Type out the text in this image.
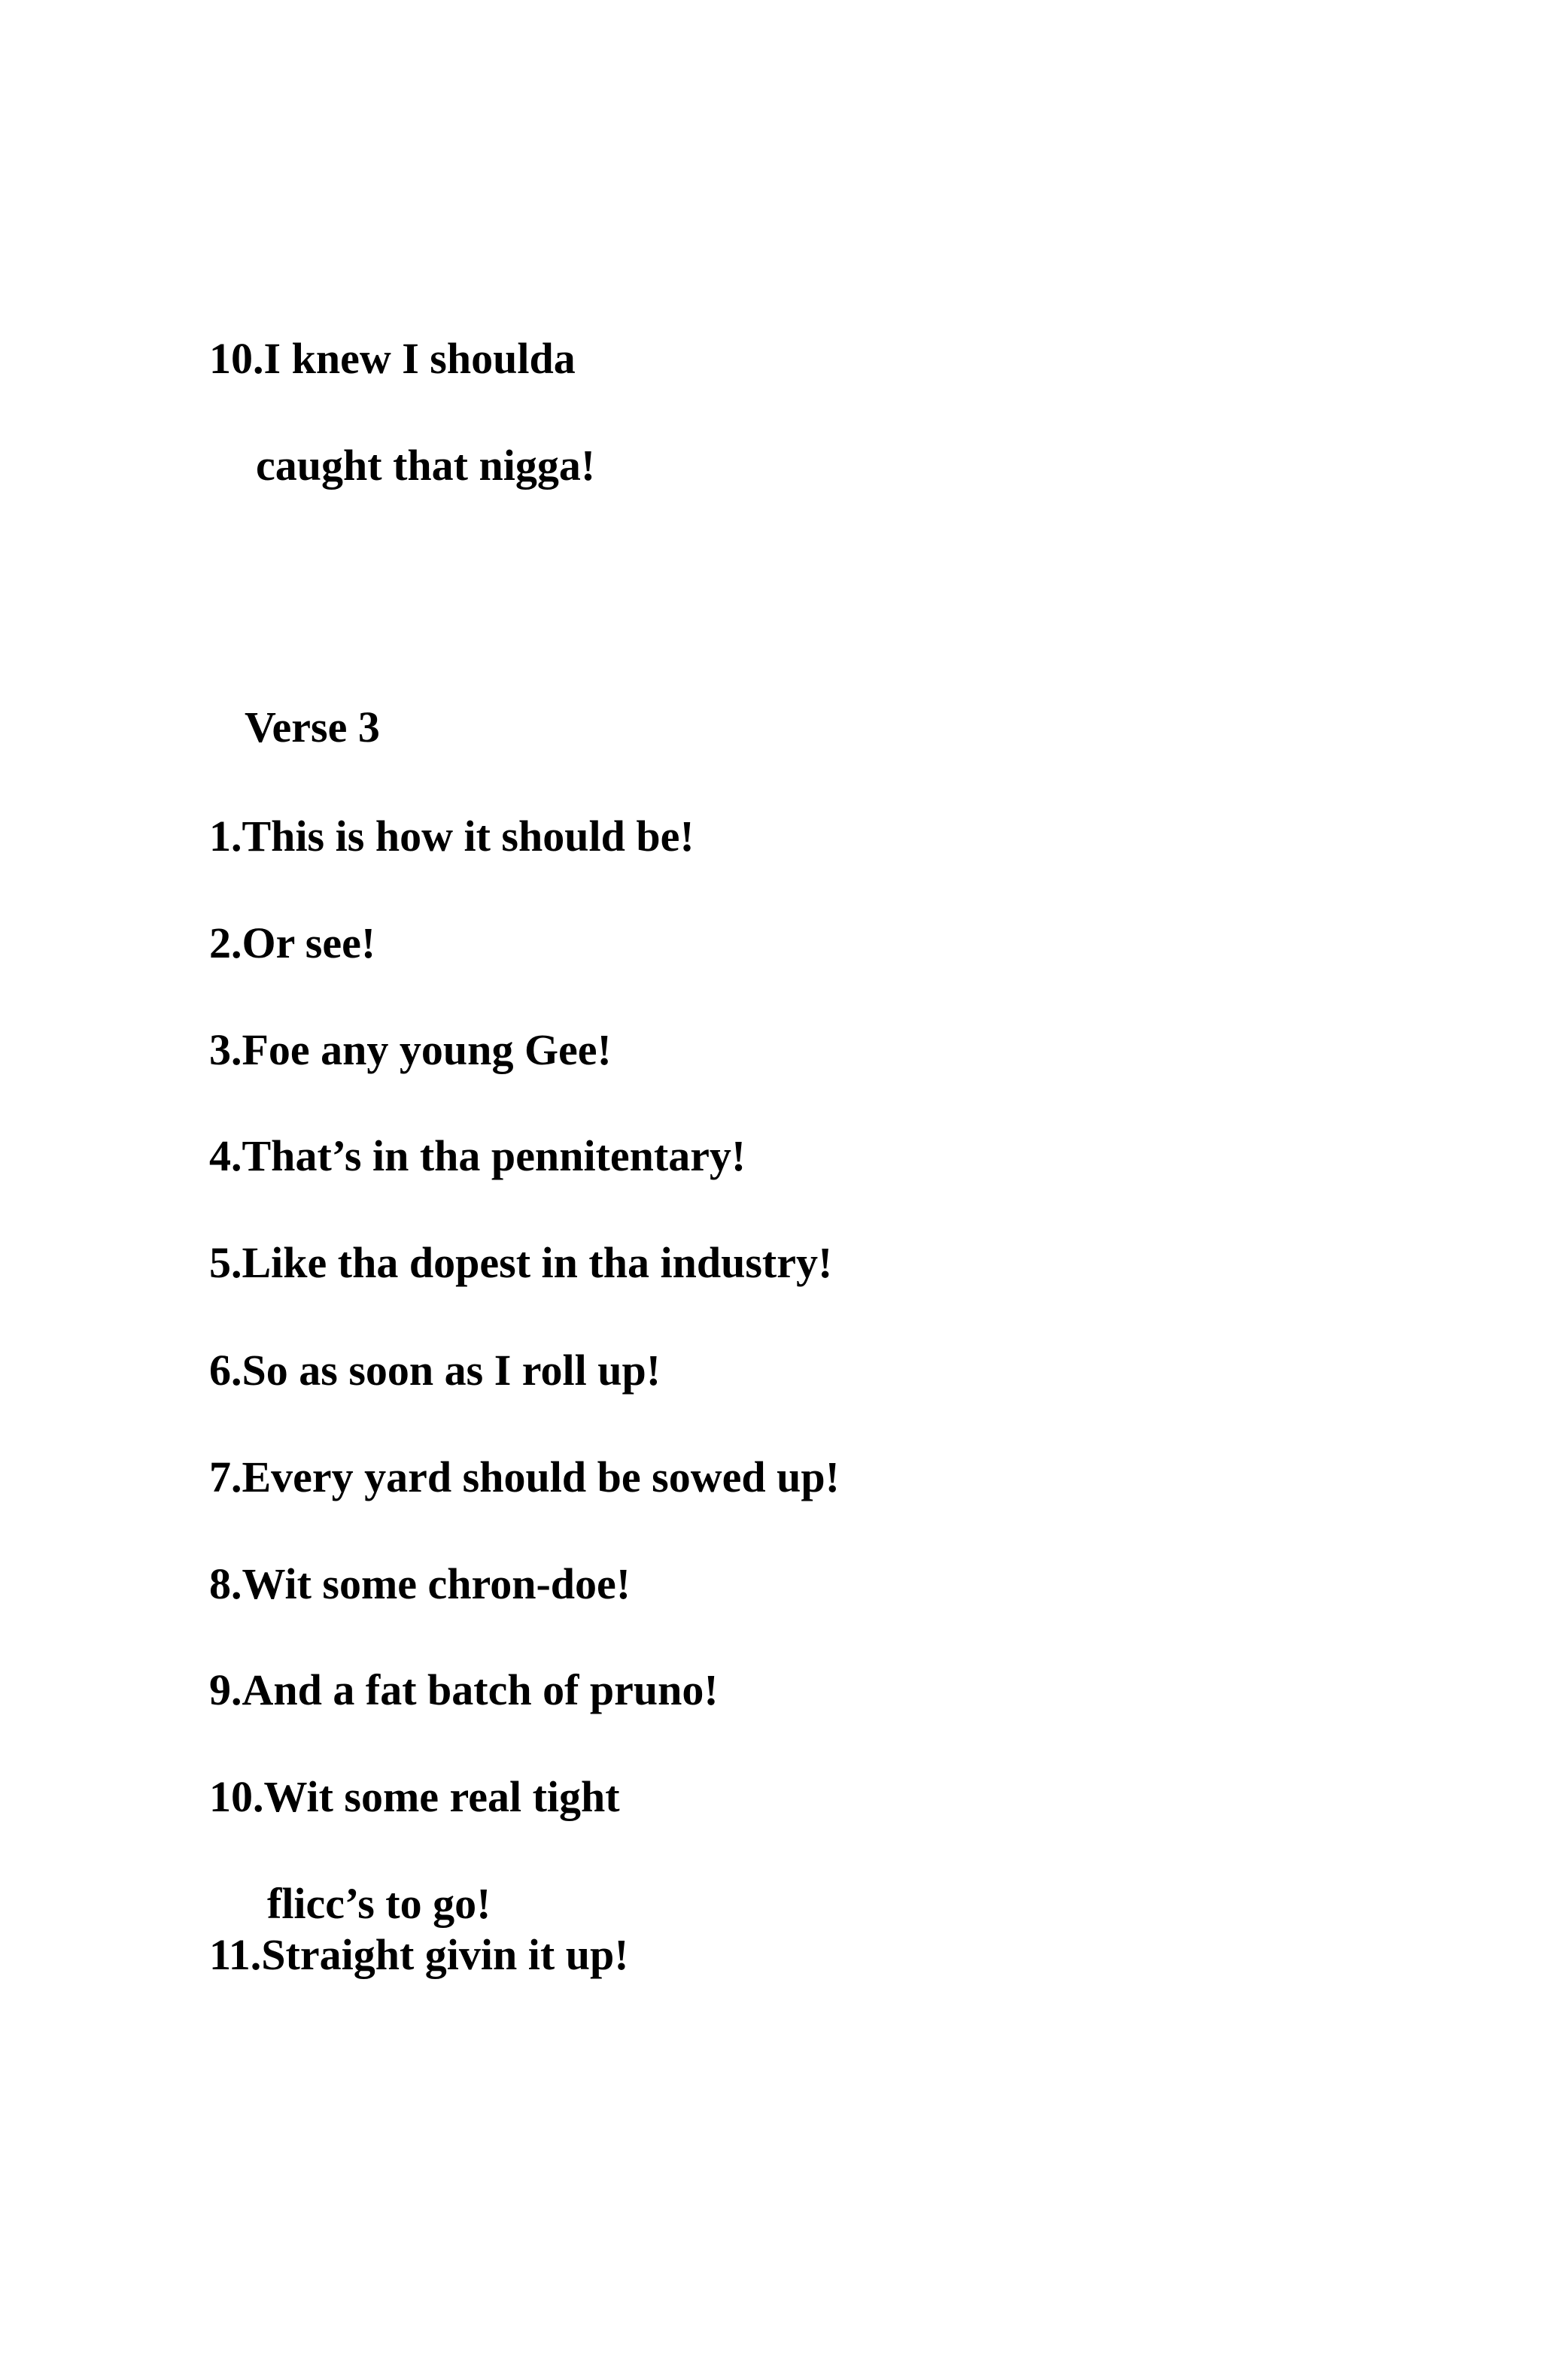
10.I knew I shoulda

caught that nigga!

Verse 3

1.This is how it should be!

2.Or see!

3.Foe any young Gee!

4.That’s in tha pennitentary!

5.Like tha dopest in tha industry!

6.So as soon as I roll up!

7.Every yard should be sowed up!

8.Wit some chron-doe!

9.And a fat batch of pruno!

10.Wit some real tight

flicc’s to go!

11.Straight givin it up!
